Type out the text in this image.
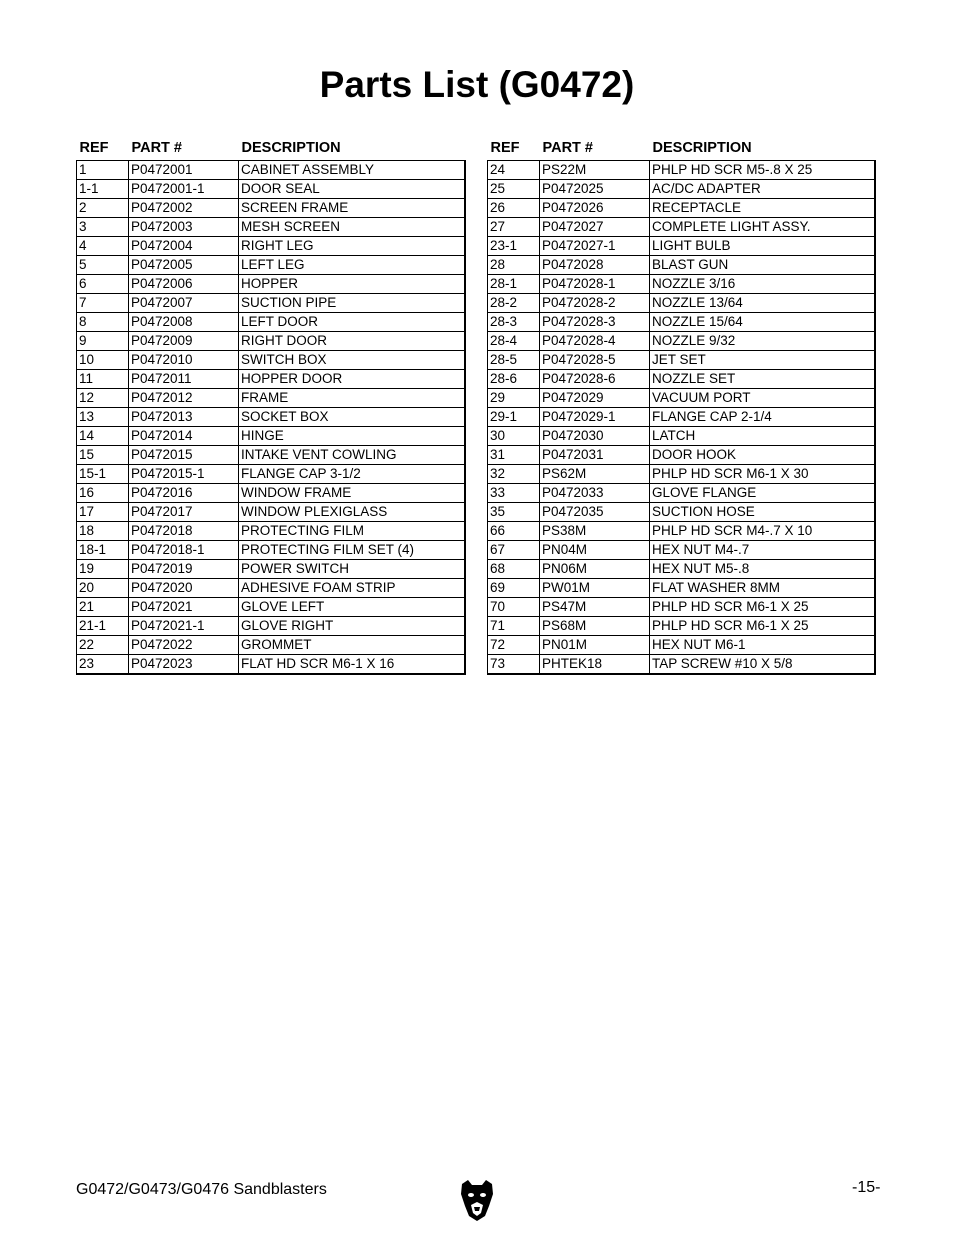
Parts List (G0472)
REF	PART #	DESCRIPTION
1	P0472001	CABINET ASSEMBLY
1-1	P0472001-1	DOOR SEAL
2	P0472002	SCREEN FRAME
3	P0472003	MESH SCREEN
4	P0472004	RIGHT LEG
5	P0472005	LEFT LEG
6	P0472006	HOPPER
7	P0472007	SUCTION PIPE
8	P0472008	LEFT DOOR
9	P0472009	RIGHT DOOR
10	P0472010	SWITCH BOX
11	P0472011	HOPPER DOOR
12	P0472012	FRAME
13	P0472013	SOCKET BOX
14	P0472014	HINGE
15	P0472015	INTAKE VENT COWLING
15-1	P0472015-1	FLANGE CAP 3-1/2
16	P0472016	WINDOW FRAME
17	P0472017	WINDOW PLEXIGLASS
18	P0472018	PROTECTING FILM
18-1	P0472018-1	PROTECTING FILM SET (4)
19	P0472019	POWER SWITCH
20	P0472020	ADHESIVE FOAM STRIP
21	P0472021	GLOVE LEFT
21-1	P0472021-1	GLOVE RIGHT
22	P0472022	GROMMET
23	P0472023	FLAT HD SCR M6-1 X 16
REF	PART #	DESCRIPTION
24	PS22M	PHLP HD SCR M5-.8 X 25
25	P0472025	AC/DC ADAPTER
26	P0472026	RECEPTACLE
27	P0472027	COMPLETE LIGHT ASSY.
23-1	P0472027-1	LIGHT BULB
28	P0472028	BLAST GUN
28-1	P0472028-1	NOZZLE 3/16
28-2	P0472028-2	NOZZLE 13/64
28-3	P0472028-3	NOZZLE 15/64
28-4	P0472028-4	NOZZLE 9/32
28-5	P0472028-5	JET SET
28-6	P0472028-6	NOZZLE SET
29	P0472029	VACUUM PORT
29-1	P0472029-1	FLANGE CAP 2-1/4
30	P0472030	LATCH
31	P0472031	DOOR HOOK
32	PS62M	PHLP HD SCR M6-1 X 30
33	P0472033	GLOVE FLANGE
35	P0472035	SUCTION HOSE
66	PS38M	PHLP HD SCR M4-.7 X 10
67	PN04M	HEX NUT M4-.7
68	PN06M	HEX NUT M5-.8
69	PW01M	FLAT WASHER 8MM
70	PS47M	PHLP HD SCR M6-1 X 25
71	PS68M	PHLP HD SCR M6-1 X 25
72	PN01M	HEX NUT M6-1
73	PHTEK18	TAP SCREW #10 X 5/8
G0472/G0473/G0476 Sandblasters	-15-
